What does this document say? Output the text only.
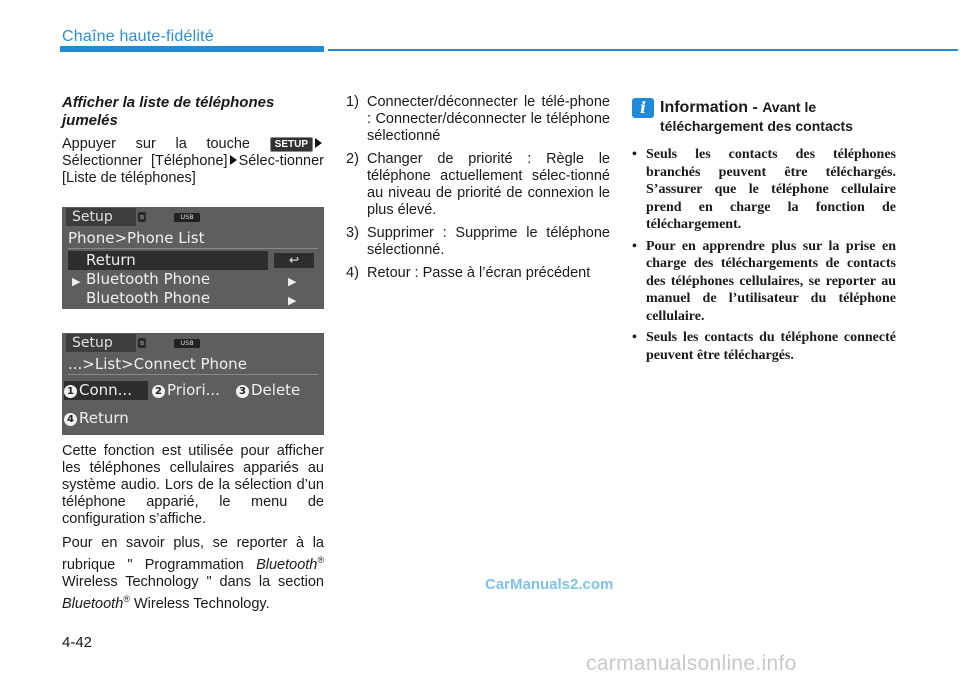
Chaîne haute-fidélité

Afficher la liste de téléphones jumelés

Appuyer sur la touche SETUP Sélectionner [Téléphone] Sélec-tionner [Liste de téléphones]

Setup	ʙ	USB
Phone>Phone List
Return	↩
▶ Bluetooth Phone	▶
Bluetooth Phone	▶
Setup	ʙ	USB
...>List>Connect Phone
1 Conn...	2 Priori...	3 Delete
4 Return

Cette fonction est utilisée pour afficher les téléphones cellulaires appariés au système audio. Lors de la sélection d’un téléphone apparié, le menu de configuration s’affiche.

Pour en savoir plus, se reporter à la rubrique " Programmation Bluetooth® Wireless Technology " dans la section Bluetooth® Wireless Technology.

1) Connecter/déconnecter le télé-phone : Connecter/déconnecter le téléphone sélectionné
2) Changer de priorité : Règle le téléphone actuellement sélec-tionné au niveau de priorité de connexion le plus élevé.
3) Supprimer : Supprime le téléphone sélectionné.
4) Retour : Passe à l’écran précédent
i Information - Avant le téléchargement des contacts

• Seuls les contacts des téléphones branchés peuvent être téléchargés. S’assurer que le téléphone cellulaire prend en charge la fonction de téléchargement.
• Pour en apprendre plus sur la prise en charge des téléchargements de contacts des téléphones cellulaires, se reporter au manuel de l’utilisateur du téléphone cellulaire.
• Seuls les contacts du téléphone connecté peuvent être téléchargés.
CarManuals2.com
4-42
carmanualsonline.info
